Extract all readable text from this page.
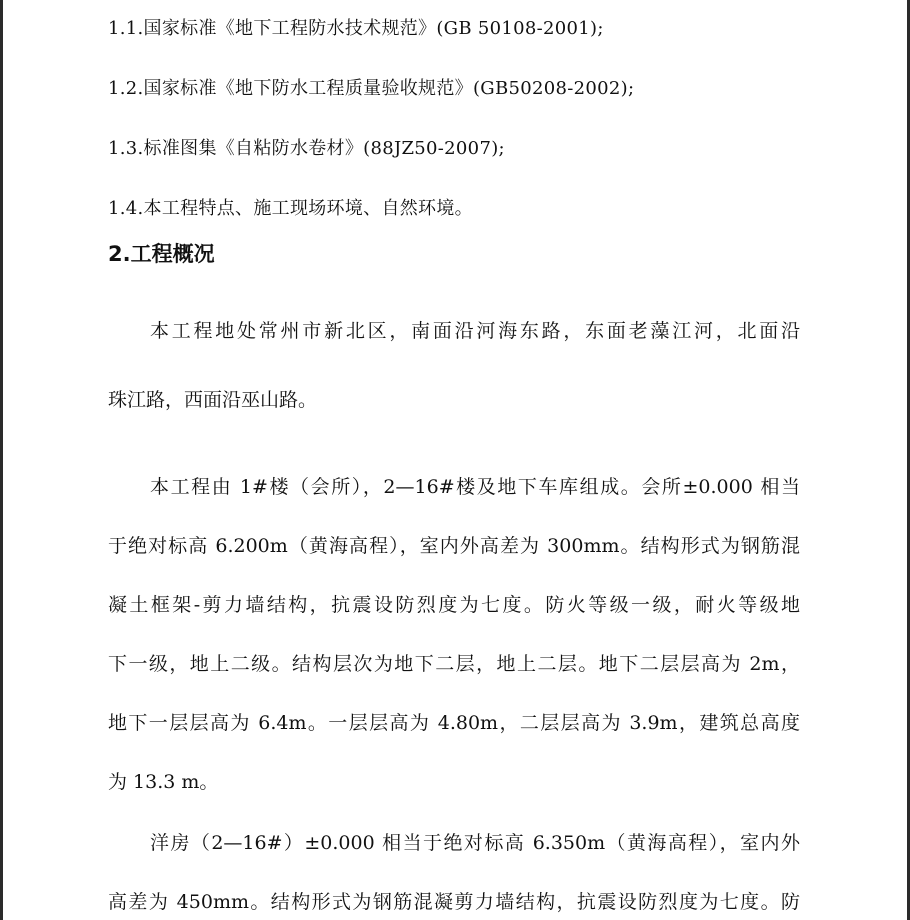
1.1.国家标准《地下工程防水技术规范》(GB 50108-2001);
1.2.国家标准《地下防水工程质量验收规范》(GB50208-2002);
1.3.标准图集《自粘防水卷材》(88JZ50-2007);
1.4.本工程特点、施工现场环境、自然环境。
2.工程概况
本工程地处常州市新北区，南面沿河海东路，东面老藻江河，北面沿
珠江路，西面沿巫山路。
本工程由 1#楼（会所），2—16#楼及地下车库组成。会所±0.000 相当
于绝对标高 6.200m（黄海高程），室内外高差为 300mm。结构形式为钢筋混
凝土框架-剪力墙结构，抗震设防烈度为七度。防火等级一级，耐火等级地
下一级，地上二级。结构层次为地下二层，地上二层。地下二层层高为 2m，
地下一层层高为 6.4m。一层层高为 4.80m，二层层高为 3.9m，建筑总高度
为 13.3 m。
洋房（2—16#）±0.000 相当于绝对标高 6.350m（黄海高程），室内外
高差为 450mm。结构形式为钢筋混凝剪力墙结构，抗震设防烈度为七度。防
